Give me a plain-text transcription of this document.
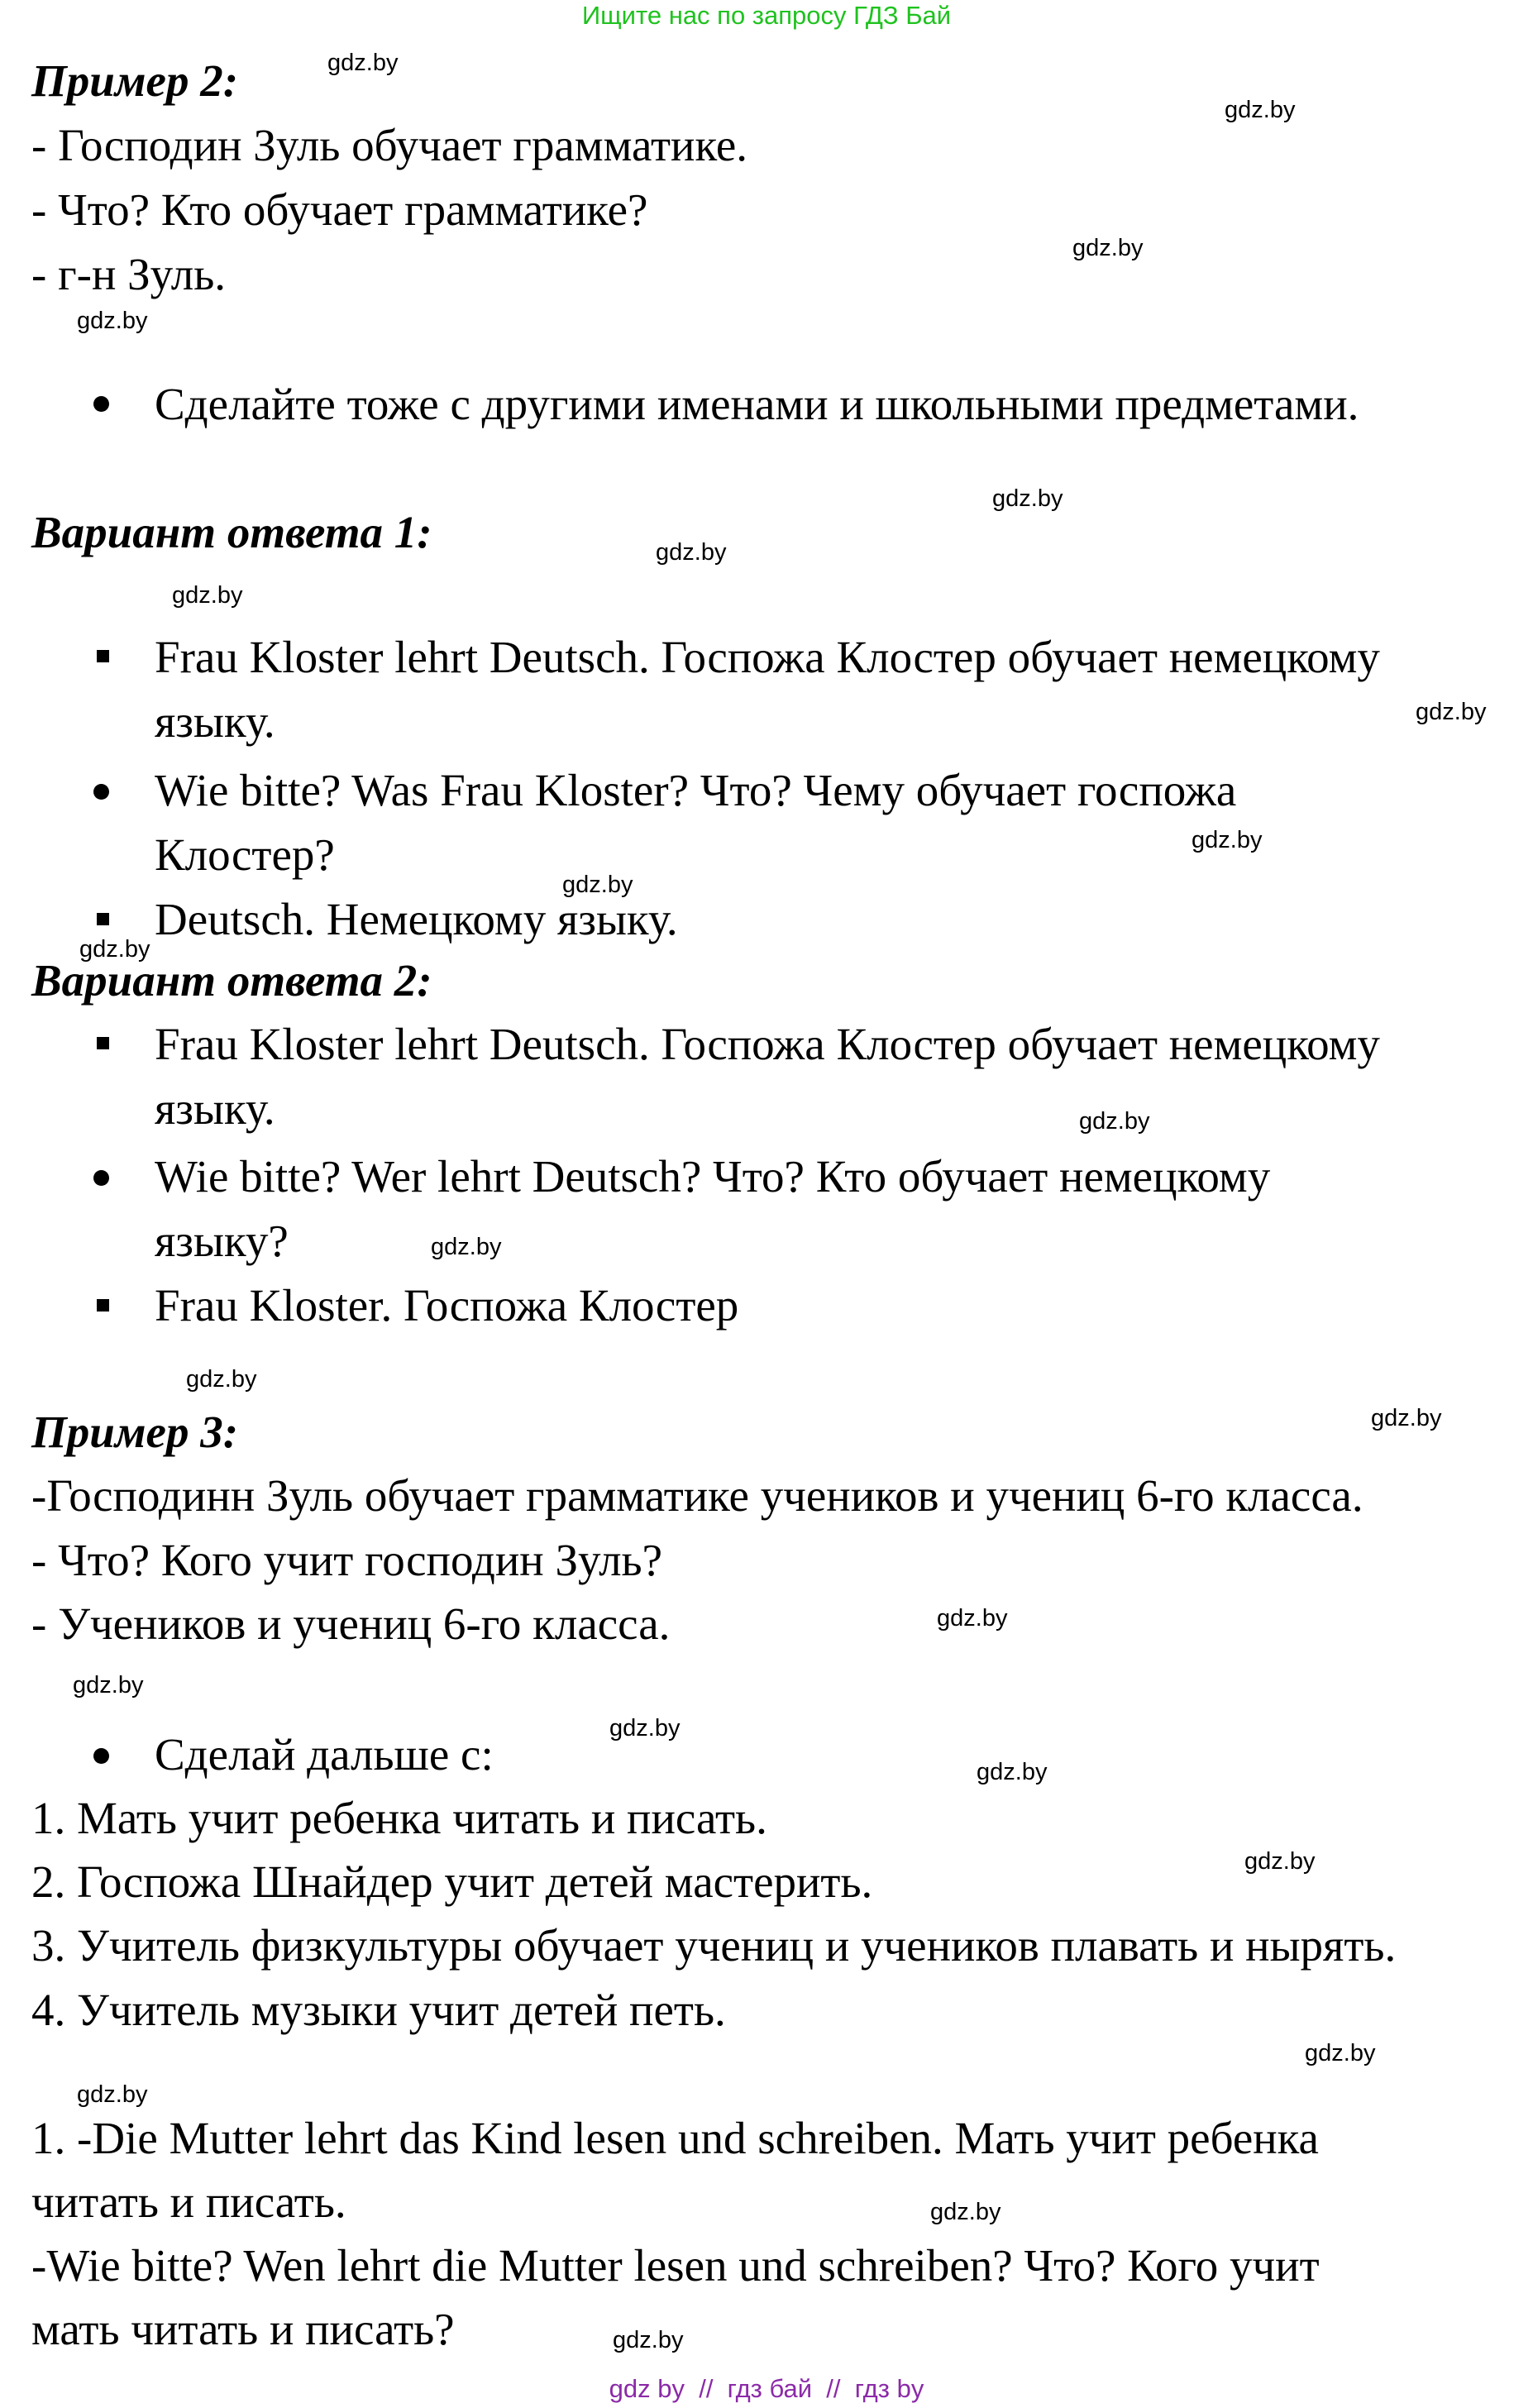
Ищите нас по запросу ГДЗ Бай
Пример 2:
- Господин Зуль обучает грамматике.
- Что? Кто обучает грамматике?
- г-н Зуль.
Сделайте тоже с другими именами и школьными предметами.
Вариант ответа 1:
Frau Kloster lehrt Deutsch. Госпожа Клостер обучает немецкому
языку.
Wie bitte? Was Frau Kloster? Что? Чему обучает госпожа
Клостер?
Deutsch. Немецкому языку.
Вариант ответа 2:
Frau Kloster lehrt Deutsch. Госпожа Клостер обучает немецкому
языку.
Wie bitte? Wer lehrt Deutsch? Что? Кто обучает немецкому
языку?
Frau Kloster. Госпожа Клостер
Пример 3:
-Господинн Зуль обучает грамматике учеников и учениц 6-го класса.
- Что? Кого учит господин Зуль?
- Учеников и учениц 6-го класса.
Сделай дальше с:
1. Мать учит ребенка читать и писать.
2. Госпожа Шнайдер учит детей мастерить.
3. Учитель физкультуры обучает учениц и учеников плавать и нырять.
4. Учитель музыки учит детей петь.
1. -Die Mutter lehrt das Kind lesen und schreiben. Мать учит ребенка
читать и писать.
-Wie bitte? Wen lehrt die Mutter lesen und schreiben? Что? Кого учит
мать читать и писать?
gdz.by
gdz.by
gdz.by
gdz.by
gdz.by
gdz.by
gdz.by
gdz.by
gdz.by
gdz.by
gdz.by
gdz.by
gdz.by
gdz.by
gdz.by
gdz.by
gdz.by
gdz.by
gdz.by
gdz.by
gdz.by
gdz.by
gdz.by
gdz.by
gdz by  //  гдз бай  //  гдз by
